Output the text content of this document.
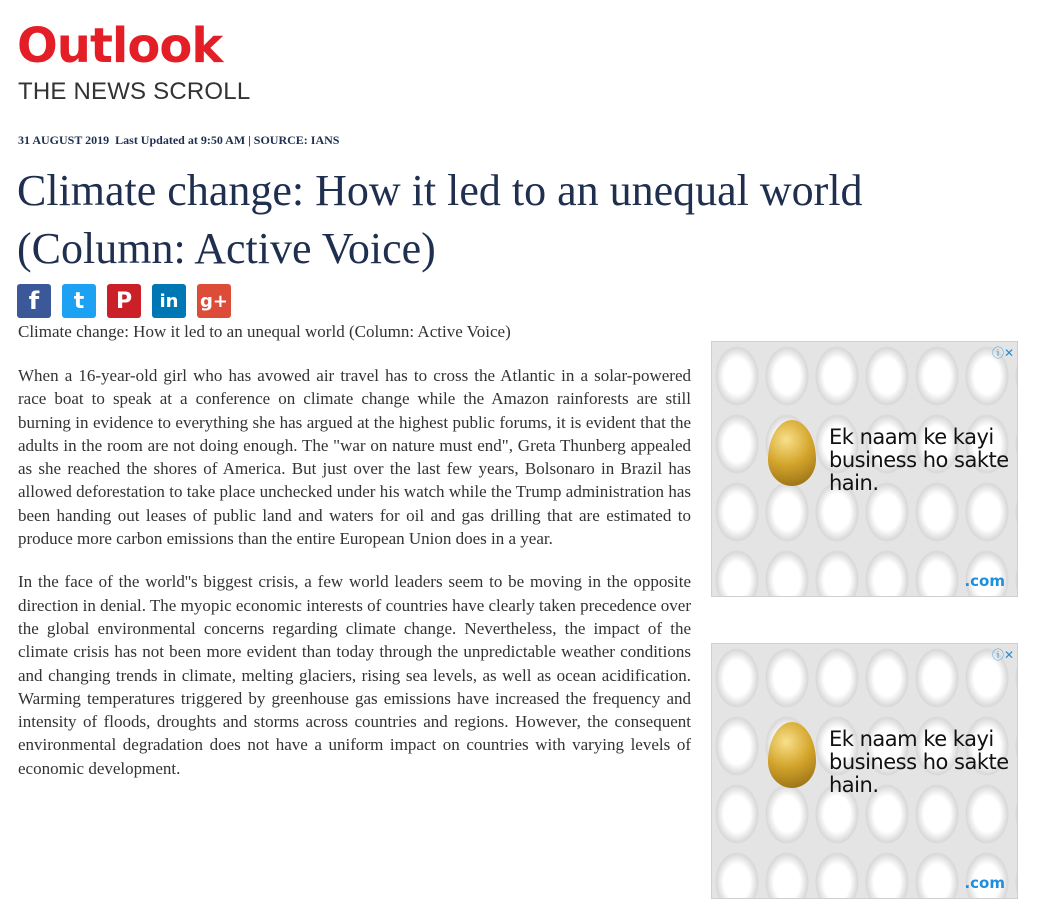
Outlook
THE NEWS SCROLL
31 AUGUST 2019 Last Updated at 9:50 AM | SOURCE: IANS
Climate change: How it led to an unequal world (Column: Active Voice)
f t P in g+
Climate change: How it led to an unequal world (Column: Active Voice)

When a 16-year-old girl who has avowed air travel has to cross the Atlantic in a solar-powered race boat to speak at a conference on climate change while the Amazon rainforests are still burning in evidence to everything she has argued at the highest public forums, it is evident that the adults in the room are not doing enough. The "war on nature must end", Greta Thunberg appealed as she reached the shores of America. But just over the last few years, Bolsonaro in Brazil has allowed deforestation to take place unchecked under his watch while the Trump administration has been handing out leases of public land and waters for oil and gas drilling that are estimated to produce more carbon emissions than the entire European Union does in a year.

In the face of the world''s biggest crisis, a few world leaders seem to be moving in the opposite direction in denial. The myopic economic interests of countries have clearly taken precedence over the global environmental concerns regarding climate change. Nevertheless, the impact of the climate crisis has not been more evident than today through the unpredictable weather conditions and changing trends in climate, melting glaciers, rising sea levels, as well as ocean acidification. Warming temperatures triggered by greenhouse gas emissions have increased the frequency and intensity of floods, droughts and storms across countries and regions. However, the consequent environmental degradation does not have a uniform impact on countries with varying levels of economic development.

ⓘ✕
Ek naam ke kayi business ho sakte hain.
.com
ⓘ✕
Ek naam ke kayi business ho sakte hain.
.com
